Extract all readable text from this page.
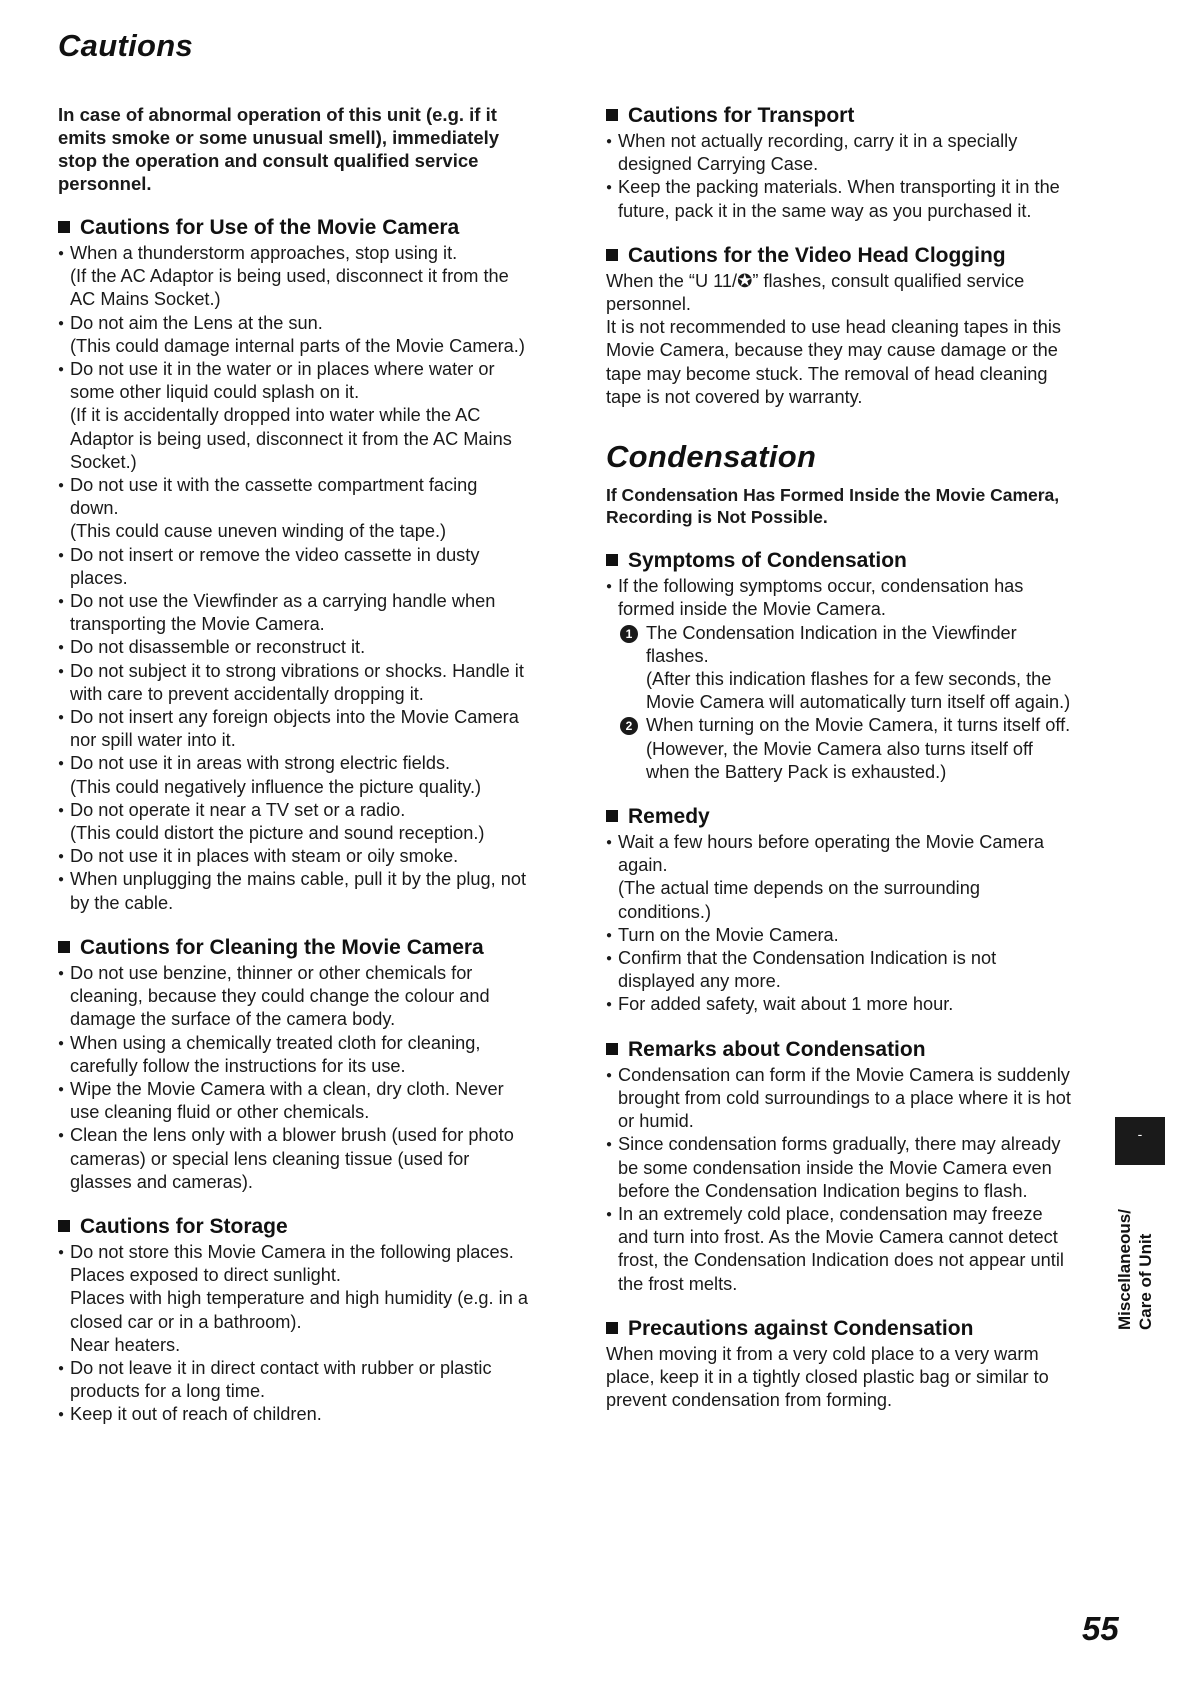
Cautions

In case of abnormal operation of this unit (e.g. if it emits smoke or some unusual smell), immediately stop the operation and consult qualified service personnel.

Cautions for Use of the Movie Camera

● When a thunderstorm approaches, stop using it.
(If the AC Adaptor is being used, disconnect it from the AC Mains Socket.)
● Do not aim the Lens at the sun.
(This could damage internal parts of the Movie Camera.)
● Do not use it in the water or in places where water or some other liquid could splash on it.
(If it is accidentally dropped into water while the AC Adaptor is being used, disconnect it from the AC Mains Socket.)
● Do not use it with the cassette compartment facing down.
(This could cause uneven winding of the tape.)
● Do not insert or remove the video cassette in dusty places.
● Do not use the Viewfinder as a carrying handle when transporting the Movie Camera.
● Do not disassemble or reconstruct it.
● Do not subject it to strong vibrations or shocks. Handle it with care to prevent accidentally dropping it.
● Do not insert any foreign objects into the Movie Camera nor spill water into it.
● Do not use it in areas with strong electric fields.
(This could negatively influence the picture quality.)
● Do not operate it near a TV set or a radio.
(This could distort the picture and sound reception.)
● Do not use it in places with steam or oily smoke.
● When unplugging the mains cable, pull it by the plug, not by the cable.

Cautions for Cleaning the Movie Camera

● Do not use benzine, thinner or other chemicals for cleaning, because they could change the colour and damage the surface of the camera body.
● When using a chemically treated cloth for cleaning, carefully follow the instructions for its use.
● Wipe the Movie Camera with a clean, dry cloth. Never use cleaning fluid or other chemicals.
● Clean the lens only with a blower brush (used for photo cameras) or special lens cleaning tissue (used for glasses and cameras).

Cautions for Storage

● Do not store this Movie Camera in the following places.
Places exposed to direct sunlight.
Places with high temperature and high humidity (e.g. in a closed car or in a bathroom).
Near heaters.
● Do not leave it in direct contact with rubber or plastic products for a long time.
● Keep it out of reach of children.

Cautions for Transport

● When not actually recording, carry it in a specially designed Carrying Case.
● Keep the packing materials. When transporting it in the future, pack it in the same way as you purchased it.

Cautions for the Video Head Clogging

When the “U 11/✪” flashes, consult qualified service personnel.
It is not recommended to use head cleaning tapes in this Movie Camera, because they may cause damage or the tape may become stuck. The removal of head cleaning tape is not covered by warranty.
Condensation

If Condensation Has Formed Inside the Movie Camera, Recording is Not Possible.

Symptoms of Condensation

● If the following symptoms occur, condensation has formed inside the Movie Camera.
1 The Condensation Indication in the Viewfinder flashes.
(After this indication flashes for a few seconds, the Movie Camera will automatically turn itself off again.)
2 When turning on the Movie Camera, it turns itself off.
(However, the Movie Camera also turns itself off when the Battery Pack is exhausted.)

Remedy

● Wait a few hours before operating the Movie Camera again.
(The actual time depends on the surrounding conditions.)
● Turn on the Movie Camera.
● Confirm that the Condensation Indication is not displayed any more.
● For added safety, wait about 1 more hour.

Remarks about Condensation

● Condensation can form if the Movie Camera is suddenly brought from cold surroundings to a place where it is hot or humid.
● Since condensation forms gradually, there may already be some condensation inside the Movie Camera even before the Condensation Indication begins to flash.
● In an extremely cold place, condensation may freeze and turn into frost. As the Movie Camera cannot detect frost, the Condensation Indication does not appear until the frost melts.

Precautions against Condensation

When moving it from a very cold place to a very warm place, keep it in a tightly closed plastic bag or similar to prevent condensation from forming.
-
Miscellaneous/ Care of Unit
55
